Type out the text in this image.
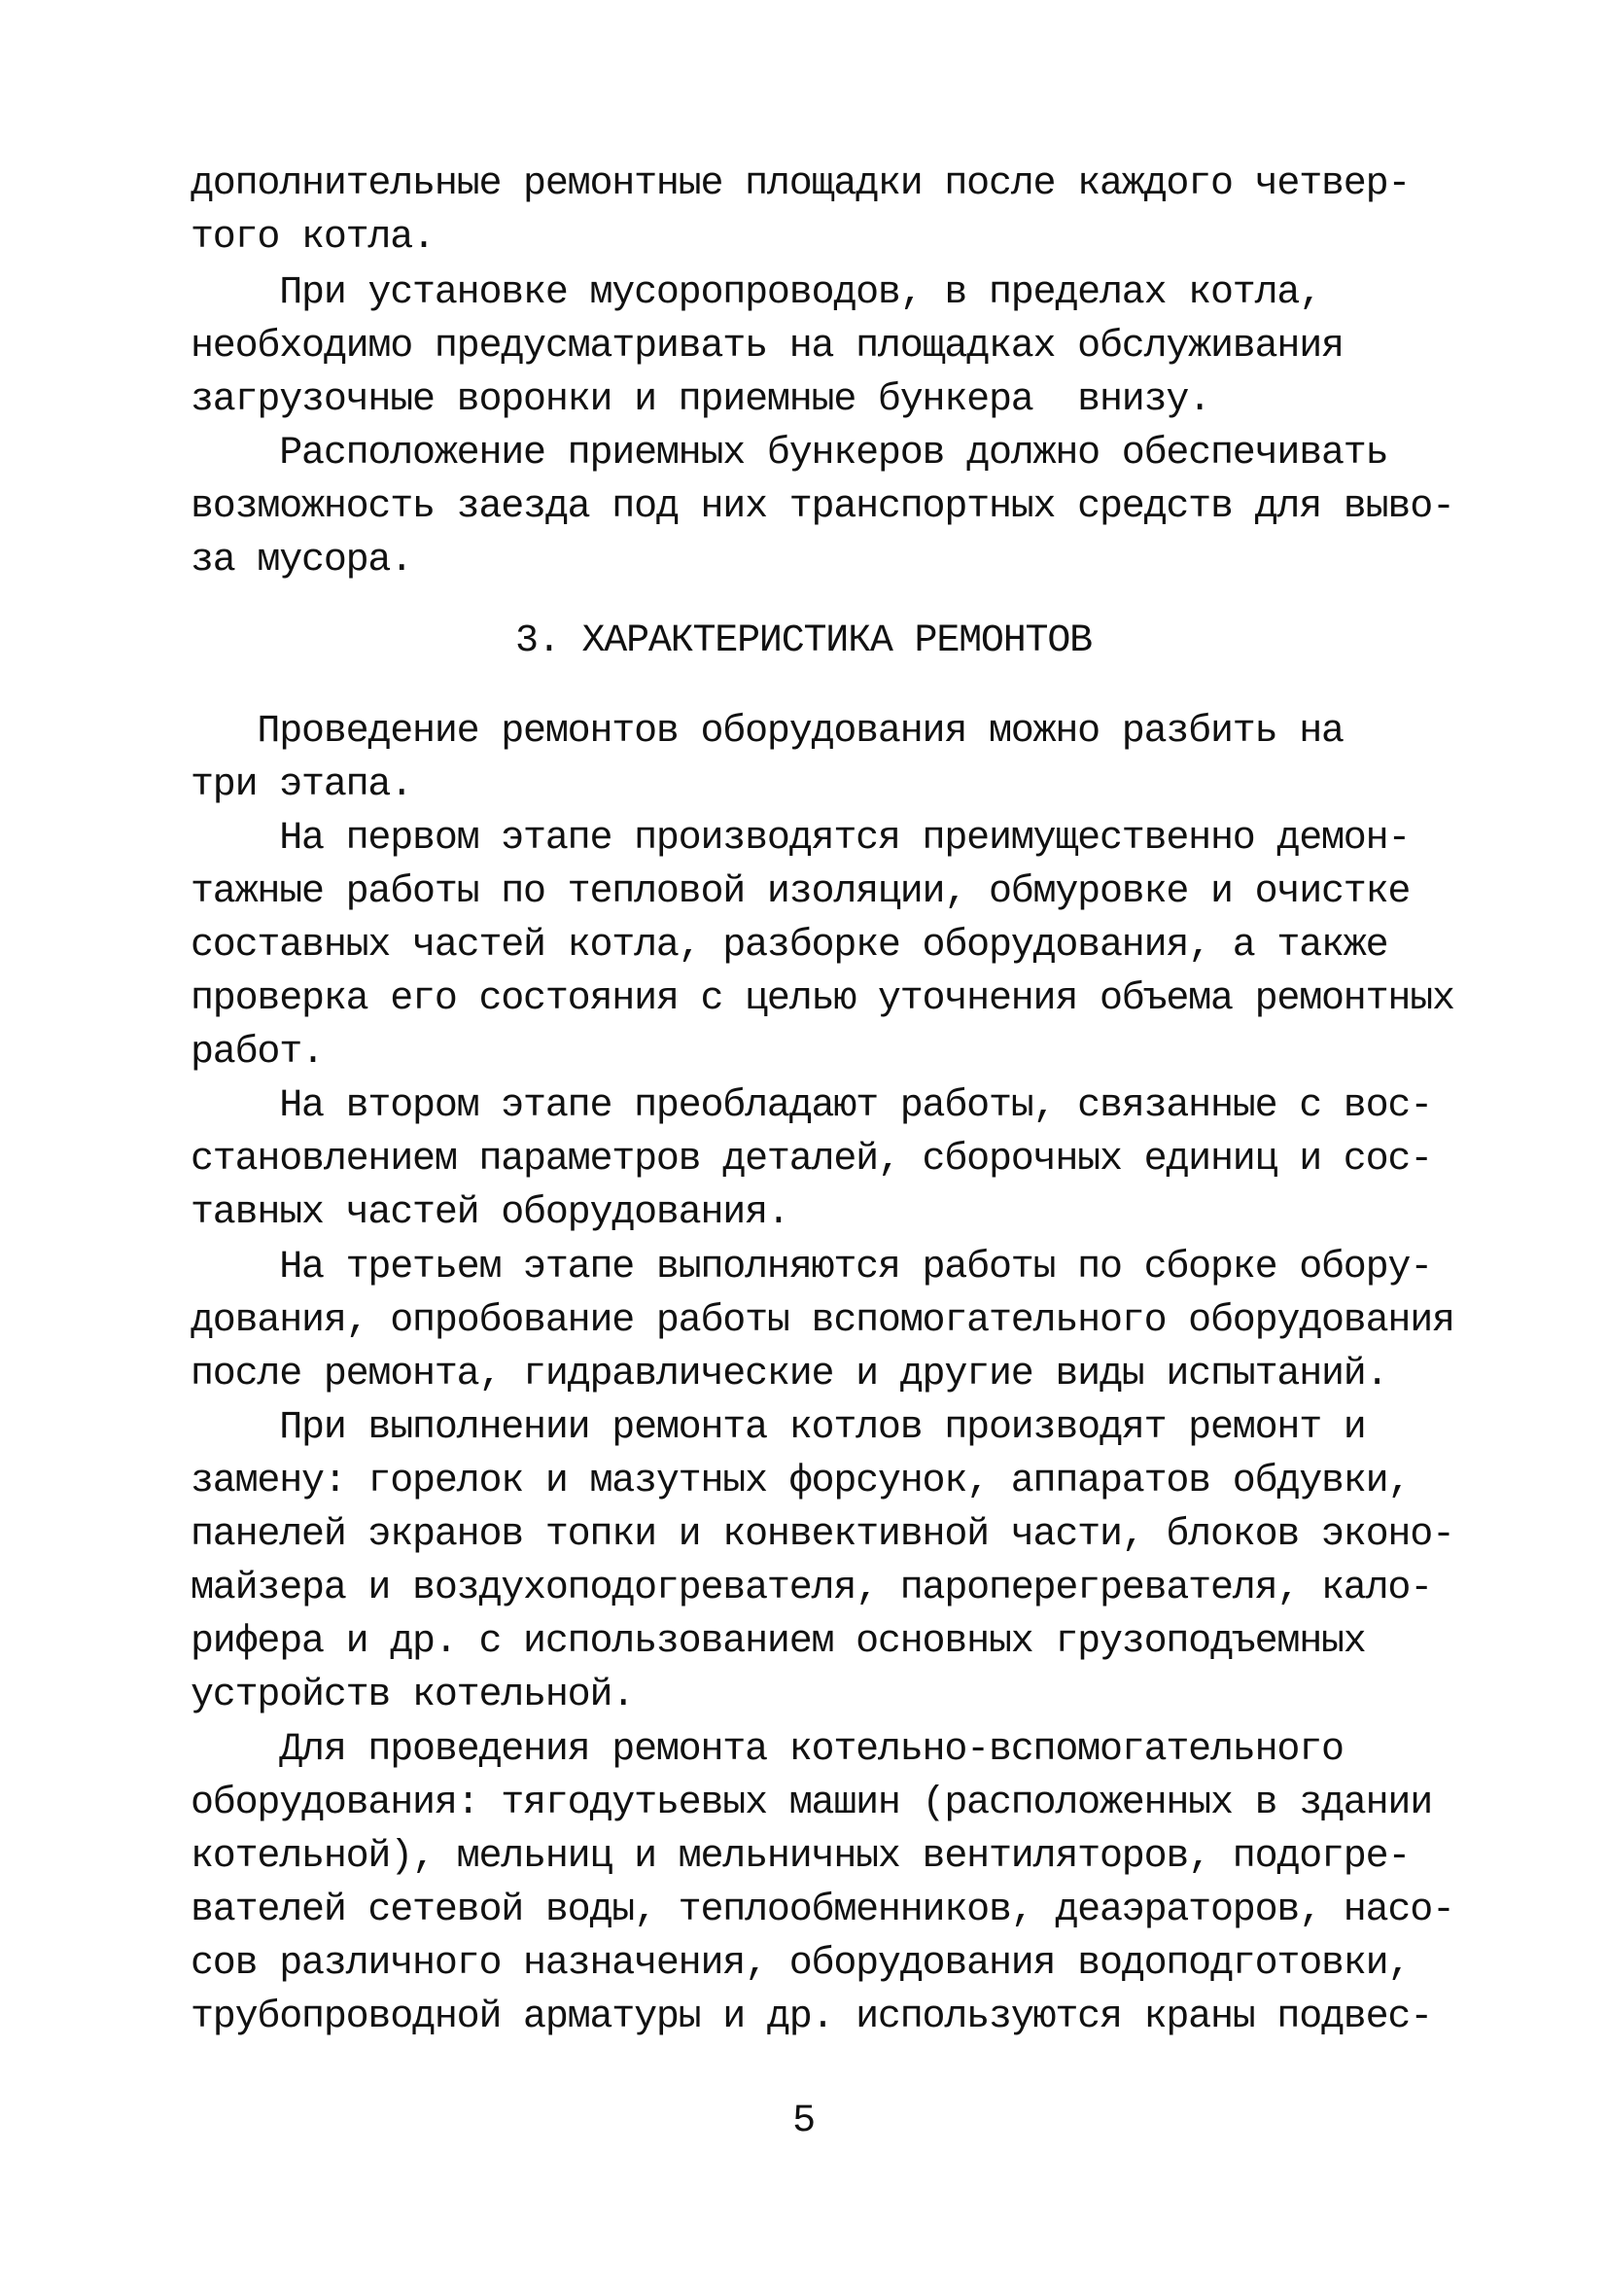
дополнительные ремонтные площадки после каждого четвер-
того котла.
При установке мусоропроводов, в пределах котла,
необходимо предусматривать на площадках обслуживания
загрузочные воронки и приемные бункера  внизу.
Расположение приемных бункеров должно обеспечивать
возможность заезда под них транспортных средств для выво-
за мусора.
3. ХАРАКТЕРИСТИКА РЕМОНТОВ
Проведение ремонтов оборудования можно разбить на
три этапа.
На первом этапе производятся преимущественно демон-
тажные работы по тепловой изоляции, обмуровке и очистке
составных частей котла, разборке оборудования, а также
проверка его состояния с целью уточнения объема ремонтных
работ.
На втором этапе преобладают работы, связанные с вос-
становлением параметров деталей, сборочных единиц и сос-
тавных частей оборудования.
На третьем этапе выполняются работы по сборке обору-
дования, опробование работы вспомогательного оборудования
после ремонта, гидравлические и другие виды испытаний.
При выполнении ремонта котлов производят ремонт и
замену: горелок и мазутных форсунок, аппаратов обдувки,
панелей экранов топки и конвективной части, блоков эконо-
майзера и воздухоподогревателя, пароперегревателя, кало-
рифера и др. с использованием основных грузоподъемных
устройств котельной.
Для проведения ремонта котельно-вспомогательного
оборудования: тягодутьевых машин (расположенных в здании
котельной), мельниц и мельничных вентиляторов, подогре-
вателей сетевой воды, теплообменников, деаэраторов, насо-
сов различного назначения, оборудования водоподготовки,
трубопроводной арматуры и др. используются краны подвес-
5
